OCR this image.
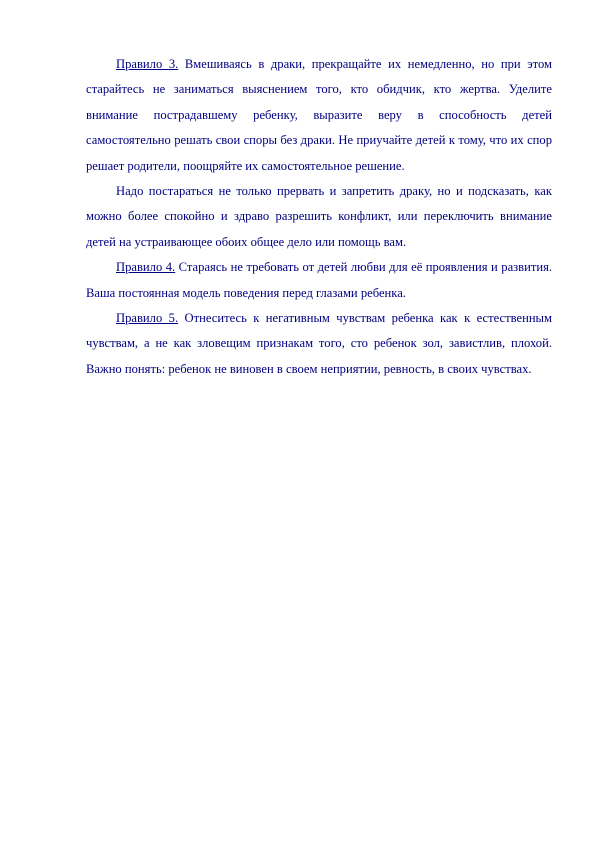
Правило 3. Вмешиваясь в драки, прекращайте их немедленно, но при этом старайтесь не заниматься выяснением того, кто обидчик, кто жертва. Уделите внимание пострадавшему ребенку, выразите веру в способность детей самостоятельно решать свои споры без драки. Не приучайте детей к тому, что их спор решает родители, поощряйте их самостоятельное решение.

Надо постараться не только прервать и запретить драку, но и подсказать, как можно более спокойно и здраво разрешить конфликт, или переключить внимание детей на устраивающее обоих общее дело или помощь вам.

Правило 4. Стараясь не требовать от детей любви для её проявления и развития. Ваша постоянная модель поведения перед глазами ребенка.

Правило 5. Отнеситесь к негативным чувствам ребенка как к естественным чувствам, а не как зловещим признакам того, сто ребенок зол, завистлив, плохой. Важно понять: ребенок не виновен в своем неприятии, ревность, в своих чувствах.
